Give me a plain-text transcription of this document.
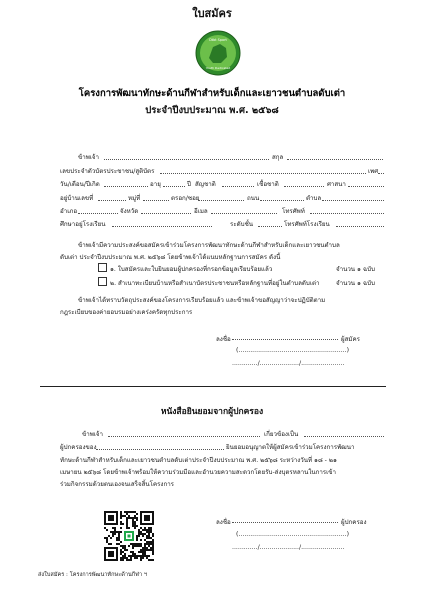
ใบสมัคร
Dtbt Sport
Youth Dedicated
โครงการพัฒนาทักษะด้านกีฬาสำหรับเด็กและเยาวชนตำบลดับเต่า
ประจำปีงบประมาณ พ.ศ. ๒๕๖๘
ข้าพเจ้า	สกุล
เลขประจำตัวบัตรประชาชน/สูติบัตร	เพศ
วัน/เดือน/ปีเกิด	อายุ	ปี สัญชาติ	เชื้อชาติ	ศาสนา
อยู่บ้านเลขที่	หมู่ที่	ตรอก/ซอย	ถนน	ตำบล
อำเภอ	จังหวัด	อีเมล	โทรศัพท์
ศึกษาอยู่โรงเรียน	ระดับชั้น	โทรศัพท์โรงเรียน
ข้าพเจ้ามีความประสงค์ขอสมัครเข้าร่วมโครงการพัฒนาทักษะด้านกีฬาสำหรับเด็กและเยาวชนตำบล
ดับเต่า ประจำปีงบประมาณ พ.ศ. ๒๕๖๘ โดยข้าพเจ้าได้แนบหลักฐานการสมัคร ดังนี้
๑. ใบสมัครและใบยินยอมผู้ปกครองที่กรอกข้อมูลเรียบร้อยแล้ว	จำนวน ๑ ฉบับ
๒. สำเนาทะเบียนบ้านหรือสำเนาบัตรประชาชนหรือหลักฐานที่อยู่ในตำบลดับเต่า	จำนวน ๑ ฉบับ
ข้าพเจ้าได้ทราบวัตถุประสงค์ของโครงการเรียบร้อยแล้ว และข้าพเจ้าขอสัญญาว่าจะปฏิบัติตาม
กฎระเบียบของค่ายอบรมอย่างเคร่งครัดทุกประการ
ลงชื่อ	ผู้สมัคร
(.......................................................)
............./..................../......................
หนังสือยินยอมจากผู้ปกครอง
ข้าพเจ้า	เกี่ยวข้องเป็น
ผู้ปกครองของ	ยินยอมอนุญาตให้ผู้สมัครเข้าร่วมโครงการพัฒนา
ทักษะด้านกีฬาสำหรับเด็กและเยาวชนตำบลดับเต่าประจำปีงบประมาณ พ.ศ. ๒๕๖๘ ระหว่างวันที่ ๑๘ - ๒๑
เมษายน ๒๕๖๘ โดยข้าพเจ้าพร้อมให้ความร่วมมือและอำนวยความสะดวกโดยรับ-ส่งบุตรหลานในการเข้า
ร่วมกิจกรรมด้วยตนเองจนเสร็จสิ้นโครงการ
ลงชื่อ	ผู้ปกครอง
(.......................................................)
............./..................../......................
ส่งใบสมัคร : โครงการพัฒนาทักษะด้านกีฬา ฯ
